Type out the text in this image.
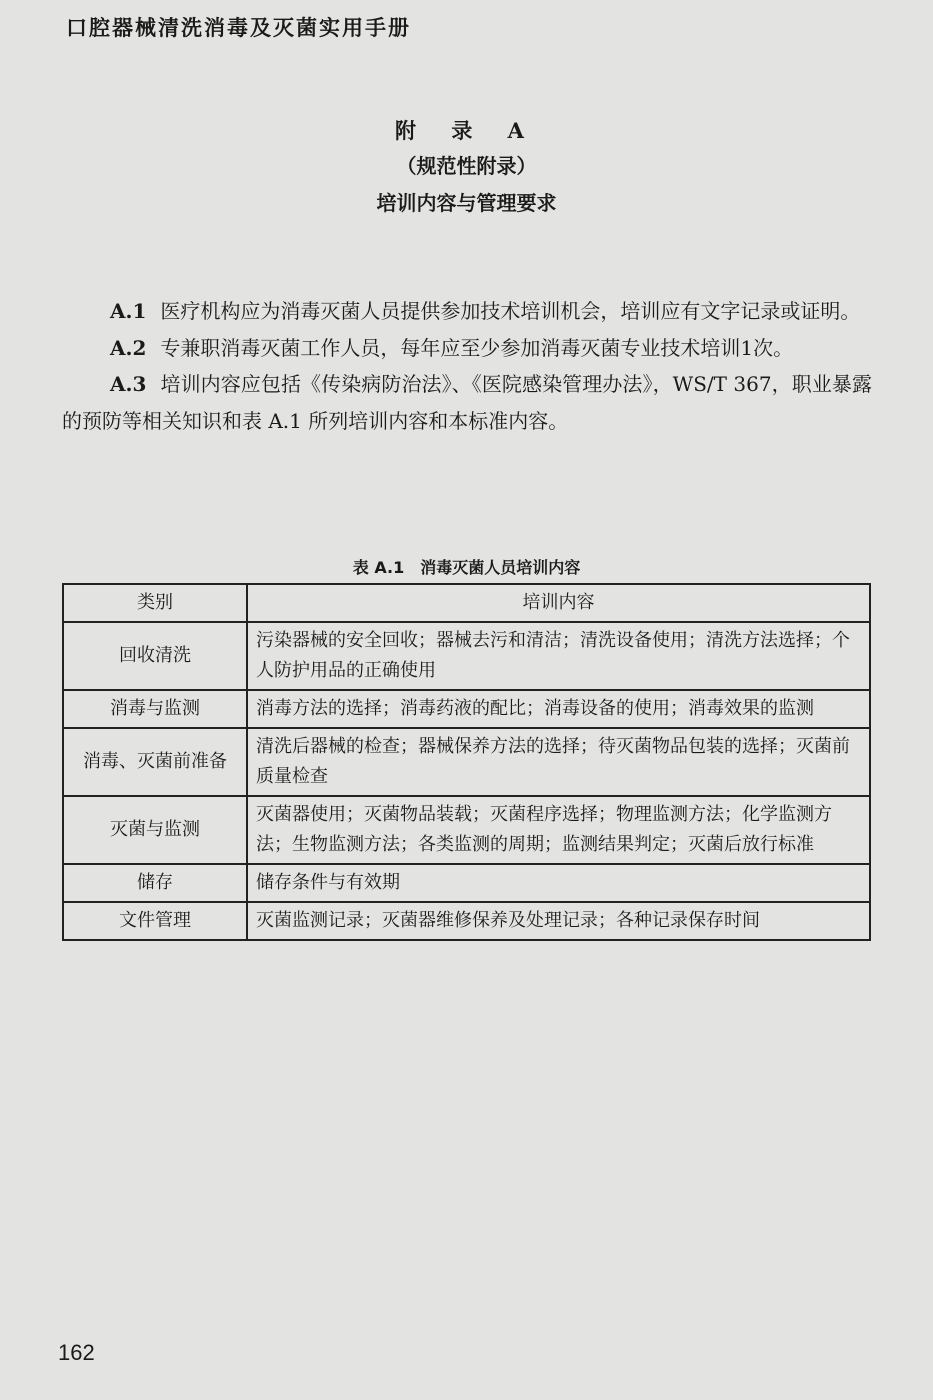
口腔器械清洗消毒及灭菌实用手册
附 录 A
（规范性附录）
培训内容与管理要求

A.1 医疗机构应为消毒灭菌人员提供参加技术培训机会，培训应有文字记录或证明。

A.2 专兼职消毒灭菌工作人员，每年应至少参加消毒灭菌专业技术培训1次。

A.3 培训内容应包括《传染病防治法》、《医院感染管理办法》，WS/T 367，职业暴露的预防等相关知识和表 A.1 所列培训内容和本标准内容。

表 A.1　消毒灭菌人员培训内容
类别	培训内容
回收清洗	污染器械的安全回收；器械去污和清洁；清洗设备使用；清洗方法选择；个人防护用品的正确使用
消毒与监测	消毒方法的选择；消毒药液的配比；消毒设备的使用；消毒效果的监测
消毒、灭菌前准备	清洗后器械的检查；器械保养方法的选择；待灭菌物品包装的选择；灭菌前质量检查
灭菌与监测	灭菌器使用；灭菌物品装载；灭菌程序选择；物理监测方法；化学监测方法；生物监测方法；各类监测的周期；监测结果判定；灭菌后放行标准
储存	储存条件与有效期
文件管理	灭菌监测记录；灭菌器维修保养及处理记录；各种记录保存时间
162
